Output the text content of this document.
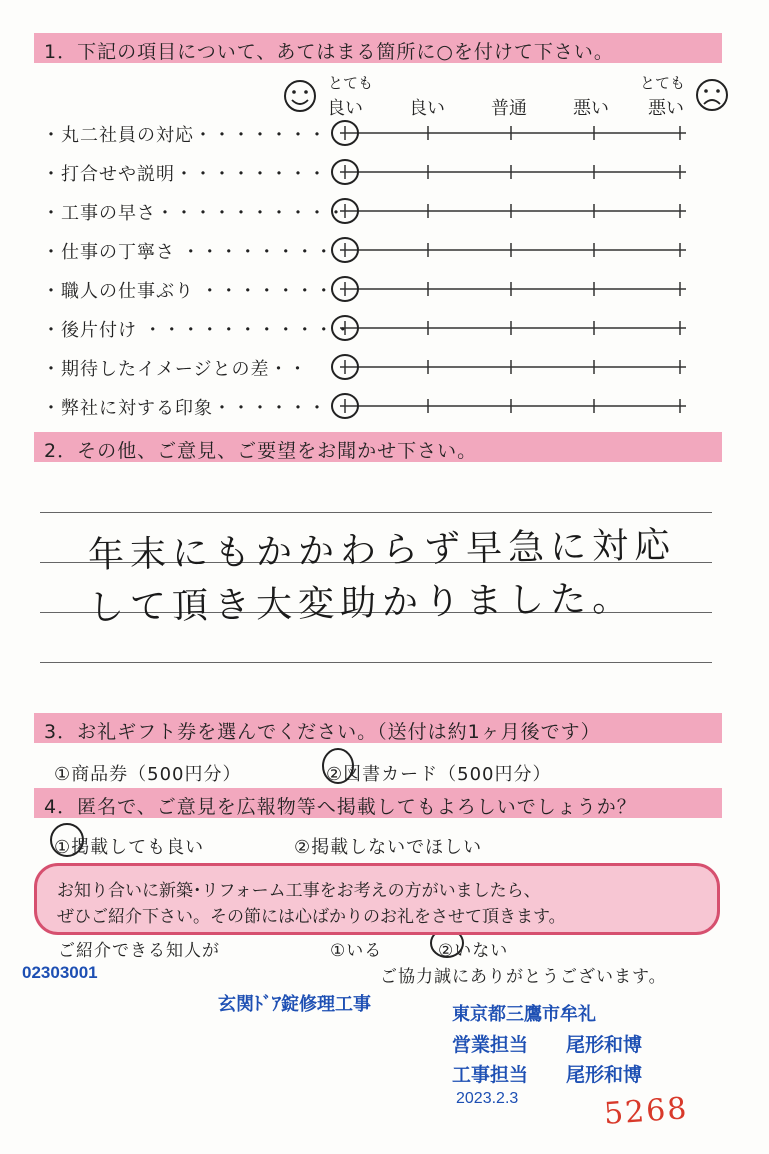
1．下記の項目について、あてはまる箇所に○を付けて下さい。
とても
良い	良い	普通	悪い
とても
悪い
・丸二社員の対応・・・・・・・
・打合せや説明・・・・・・・・
・工事の早さ・・・・・・・・・・
・仕事の丁寧さ ・・・・・・・・
・職人の仕事ぶり ・・・・・・・
・後片付け ・・・・・・・・・・・
・期待したイメージとの差・・
・弊社に対する印象・・・・・・
2．その他、ご意見、ご要望をお聞かせ下さい。
年末にもかかわらず早急に対応
して頂き大変助かりました。
3．お礼ギフト券を選んでください。（送付は約1ヶ月後です）
①商品券（500円分）	②図書カード（500円分）
4．匿名で、ご意見を広報物等へ掲載してもよろしいでしょうか？
①掲載しても良い	②掲載しないでほしい
お知り合いに新築･リフォーム工事をお考えの方がいましたら、
ぜひご紹介下さい。その節には心ばかりのお礼をさせて頂きます。
ご紹介できる知人が	①いる	②いない
ご協力誠にありがとうございます。
02303001
玄関ﾄﾞｱ錠修理工事	東京都三鷹市牟礼
営業担当 尾形和博
工事担当 尾形和博
2023.2.3	5268
